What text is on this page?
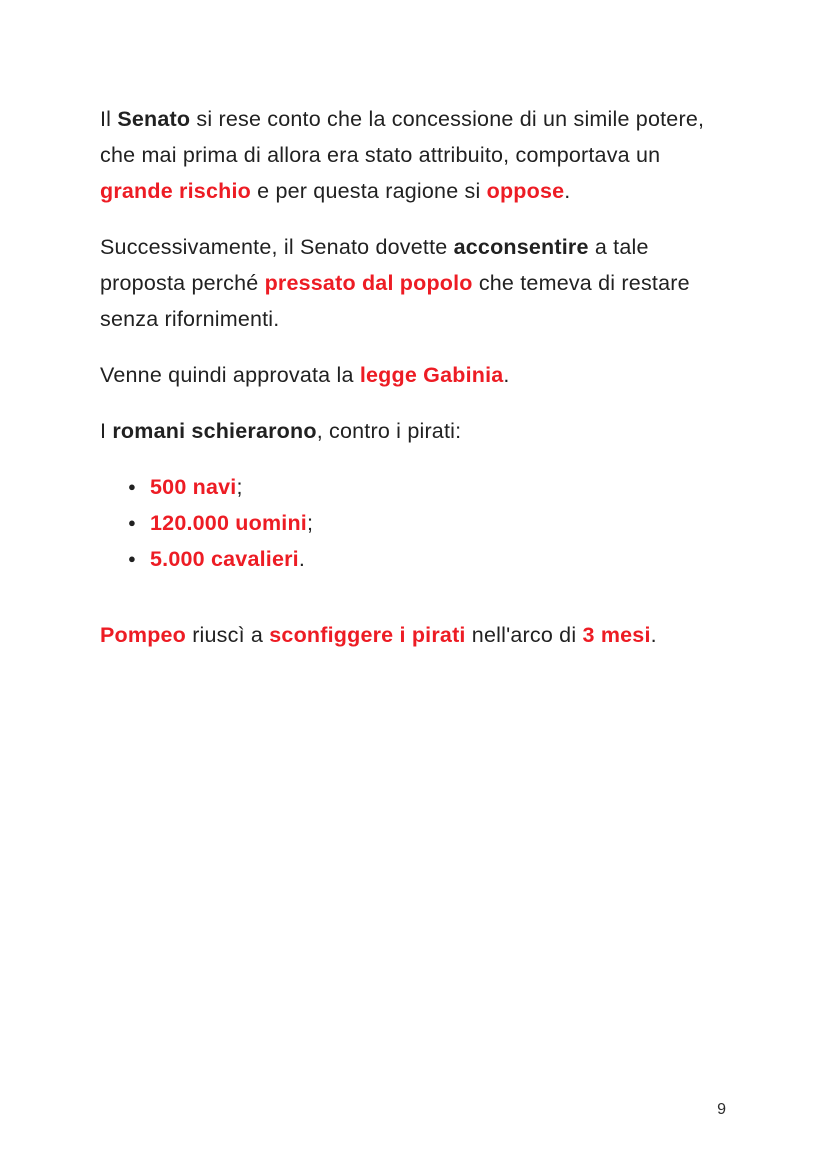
Il Senato si rese conto che la concessione di un simile potere, che mai prima di allora era stato attribuito, comportava un grande rischio e per questa ragione si oppose.

Successivamente, il Senato dovette acconsentire a tale proposta perché pressato dal popolo che temeva di restare senza rifornimenti.

Venne quindi approvata la legge Gabinia.

I romani schierarono, contro i pirati:

● 500 navi;
● 120.000 uomini;
● 5.000 cavalieri.

Pompeo riuscì a sconfiggere i pirati nell'arco di 3 mesi.

9
